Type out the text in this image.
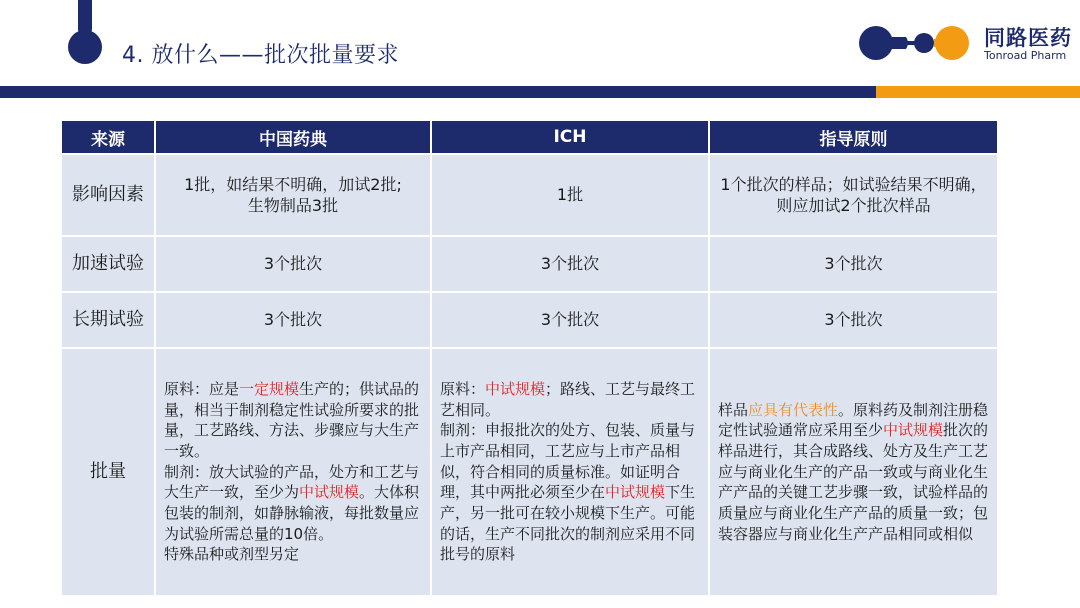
4. 放什么——批次批量要求
同路医药
Tonroad Pharm
来源	中国药典	ICH	指导原则
影响因素	1批，如结果不明确，加试2批;
生物制品3批	1批	1个批次的样品；如试验结果不明确，则应加试2个批次样品

加速试验	3个批次	3个批次	3个批次
长期试验	3个批次	3个批次	3个批次
批量	原料：应是一定规模生产的；供试品的量，相当于制剂稳定性试验所要求的批量，工艺路线、方法、步骤应与大生产一致。
制剂：放大试验的产品，处方和工艺与大生产一致，至少为中试规模。大体积包装的制剂，如静脉输液，每批数量应为试验所需总量的10倍。
特殊品种或剂型另定	原料：中试规模；路线、工艺与最终工艺相同。
制剂：申报批次的处方、包装、质量与上市产品相同，工艺应与上市产品相似，符合相同的质量标准。如证明合理，其中两批必须至少在中试规模下生产，另一批可在较小规模下生产。可能的话，生产不同批次的制剂应采用不同批号的原料	样品应具有代表性。原料药及制剂注册稳定性试验通常应采用至少中试规模批次的样品进行，其合成路线、处方及生产工艺应与商业化生产的产品一致或与商业化生产产品的关键工艺步骤一致，试验样品的质量应与商业化生产产品的质量一致；包装容器应与商业化生产产品相同或相似
